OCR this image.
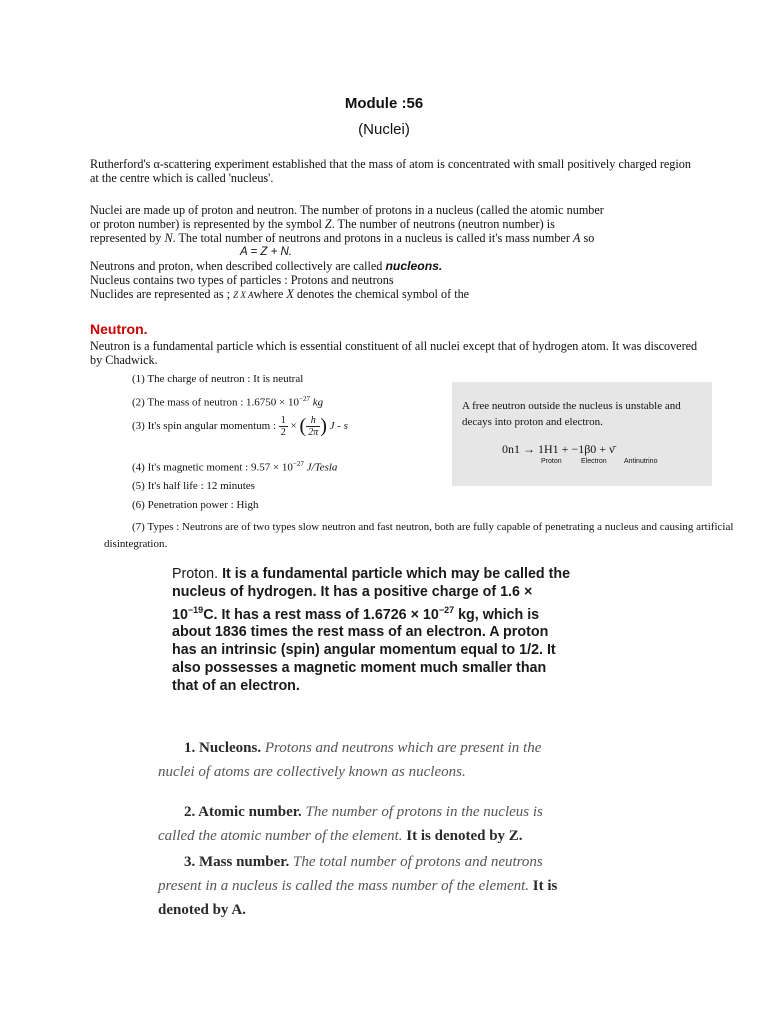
Module :56
(Nuclei)

Rutherford's α-scattering experiment established that the mass of atom is concentrated with small positively charged region at the centre which is called 'nucleus'.

Nuclei are made up of proton and neutron. The number of protons in a nucleus (called the atomic number

or proton number) is represented by the symbol Z. The number of neutrons (neutron number) is

represented by N. The total number of neutrons and protons in a nucleus is called it's mass number A so

A = Z + N.

Neutrons and proton, when described collectively are called nucleons.

Nucleus contains two types of particles : Protons and neutrons

Nuclides are represented as ; Z X Awhere X denotes the chemical symbol of the

Neutron.
Neutron is a fundamental particle which is essential constituent of all nuclei except that of hydrogen atom. It was discovered by Chadwick.
(1) The charge of neutron : It is neutral
(2) The mass of neutron : $1.6750 \times 10^{-27}$ kg
(3) It's spin angular momentum : $\frac{1}{2}$ × ( $\frac{h}{2\pi}$ ) J - s
(4) It's magnetic moment : $9.57 \times 10^{-27}$ J/Tesla
(5) It's half life : 12 minutes
(6) Penetration power : High
(7) Types : Neutrons are of two types slow neutron and fast neutron, both are fully capable of penetrating a nucleus and causing artificial disintegration.
A free neutron outside the nucleus is unstable and decays into proton and electron.
0n1 → 1H1 + −1β0 + ν̄
Proton	Electron Antinutrino
Proton. It is a fundamental particle which may be called the nucleus of hydrogen. It has a positive charge of $1.6 \times 10^{-19}C$. It has a rest mass of $1.6726 \times 10^{-27}$ kg, which is about 1836 times the rest mass of an electron. A proton has an intrinsic (spin) angular momentum equal to 1/2. It also possesses a magnetic moment much smaller than that of an electron.
1. Nucleons. Protons and neutrons which are present in the nuclei of atoms are collectively known as nucleons.
2. Atomic number. The number of protons in the nucleus is called the atomic number of the element. It is denoted by Z.
3. Mass number. The total number of protons and neutrons present in a nucleus is called the mass number of the element. It is denoted by A.
